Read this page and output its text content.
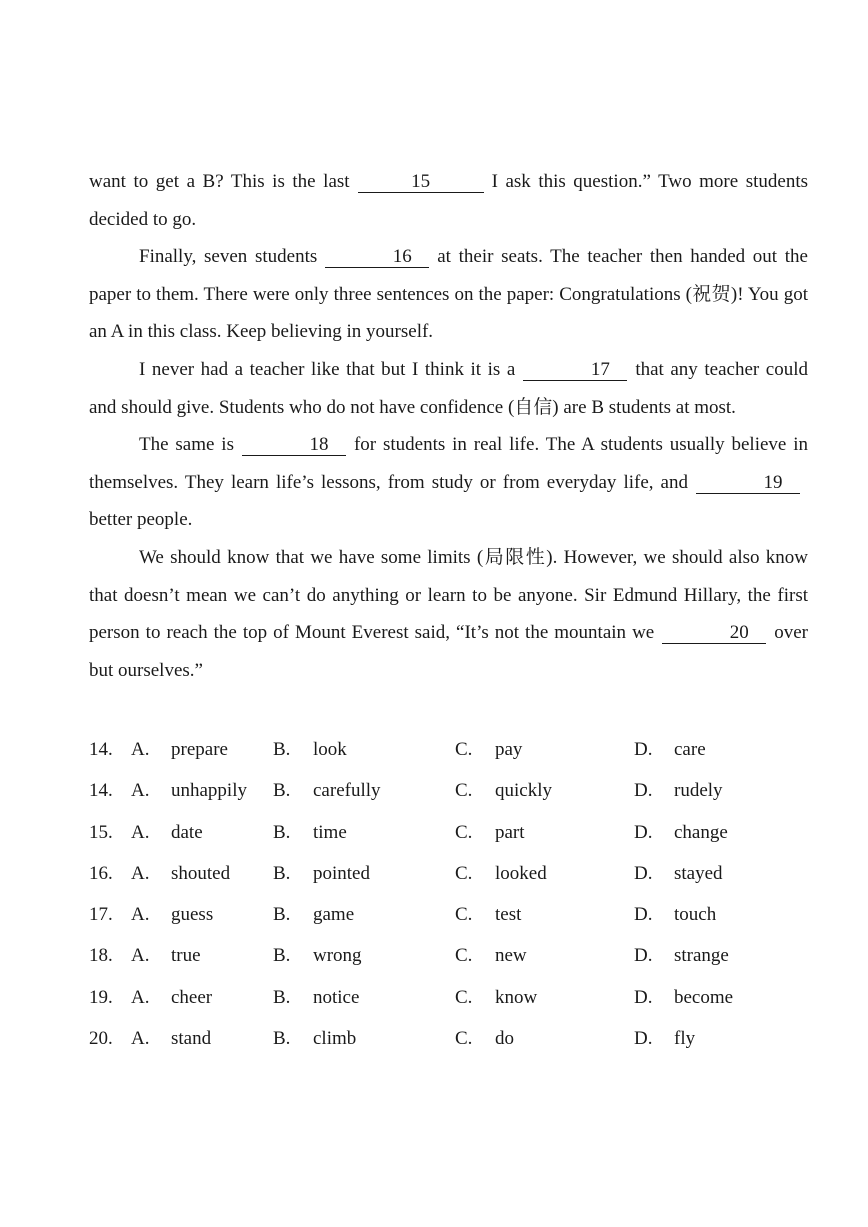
want to get a B? This is the last	15	I ask this question.” Two more students decided to go.

Finally, seven students	16 at their seats. The teacher then handed out the paper to them. There were only three sentences on the paper: Congratulations (祝贺)! You got an A in this class. Keep believing in yourself.

I never had a teacher like that but I think it is a	17 that any teacher could and should give. Students who do not have confidence (自信) are B students at most.

The same is	18 for students in real life. The A students usually believe in themselves. They learn life’s lessons, from study or from everyday life, and	19better people.

We should know that we have some limits (局限性). However, we should also know that doesn’t mean we can’t do anything or learn to be anyone. Sir Edmund Hillary, the first person to reach the top of Mount Everest said, “It’s not the mountain we	20 over but ourselves.”

14. A. prepare B. look	C. pay	D. care
14. A. unhappily B. carefully	C. quickly	D. rudely
15. A. date	B. time	C. part	D. change
16. A. shouted B. pointed	C. looked	D. stayed
17. A. guess	B. game	C. test	D. touch
18. A. true	B. wrong	C. new	D. strange
19. A. cheer	B. notice	C. know	D. become
20. A. stand	B. climb	C. do	D. fly
